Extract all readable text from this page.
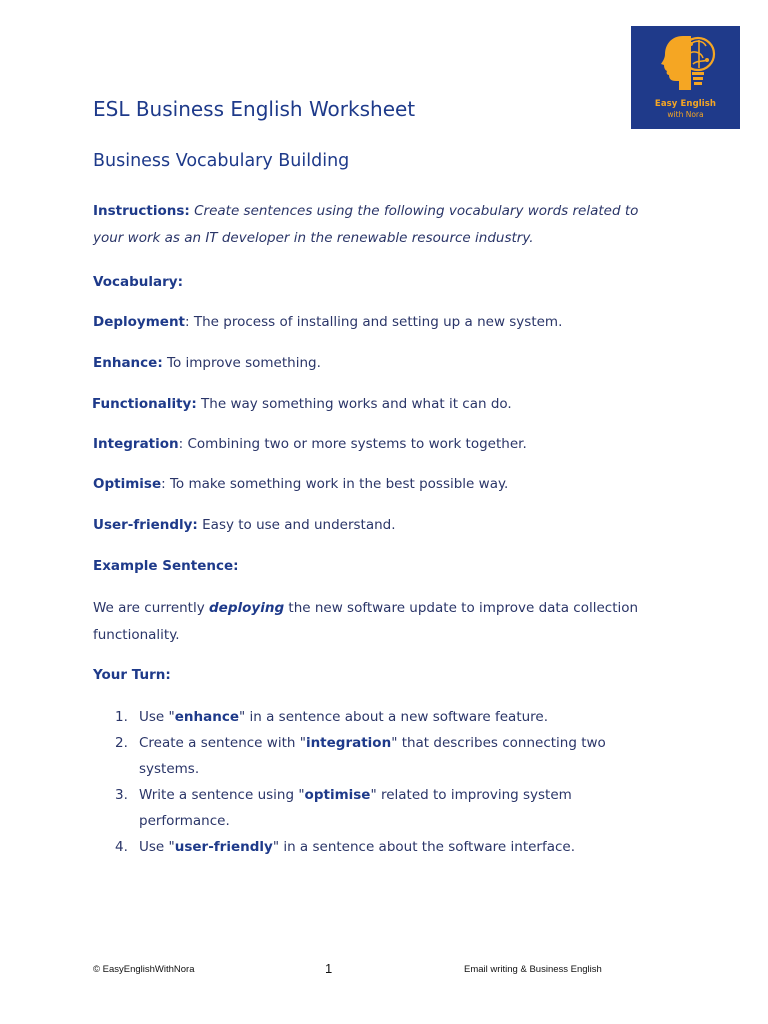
Easy English
with Nora
ESL Business English Worksheet
Business Vocabulary Building

Instructions: Create sentences using the following vocabulary words related to
your work as an IT developer in the renewable resource industry.

Vocabulary:

Deployment: The process of installing and setting up a new system.

Enhance: To improve something.

Functionality: The way something works and what it can do.

Integration: Combining two or more systems to work together.

Optimise: To make something work in the best possible way.

User-friendly: Easy to use and understand.

Example Sentence:

We are currently deploying the new software update to improve data collection
functionality.

Your Turn:

1. Use "enhance" in a sentence about a new software feature.
2. Create a sentence with "integration" that describes connecting two
systems.
3. Write a sentence using "optimise" related to improving system
performance.
4. Use "user-friendly" in a sentence about the software interface.
© EasyEnglishWithNora	1	Email writing & Business English
